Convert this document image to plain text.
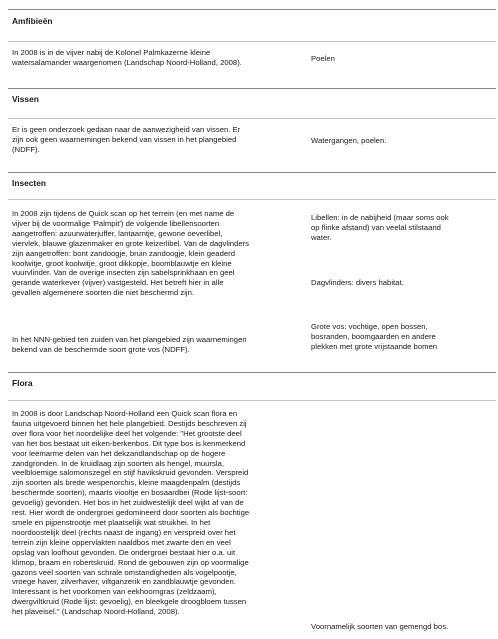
Amfibieën
In 2008 is in de vijver nabij de Kolonel Palmkazerne kleine
watersalamander waargenomen (Landschap Noord-Holland, 2008).	Poelen
Vissen
Er is geen onderzoek gedaan naar de aanwezigheid van vissen. Er
zijn ook geen waarnemingen bekend van vissen in het plangebied
(NDFF).
Watergangen, poelen.
Insecten
In 2008 zijn tijdens de Quick scan op het terrein (en met name de
vijver bij de voormalige 'Palmpit') de volgende libellensoorten
aangetroffen: azuurwaterjuffer, lantaarntje, gewone oeverlibel,
viervlek, blauwe glazenmaker en grote keizerlibel. Van de dagvlinders
zijn aangetroffen: bont zandoogje, bruin zandoogje, klein geaderd
koolwitje, groot koolwitje, groot dikkopje, boomblauwtje en kleine
vuurvlinder. Van de overige insecten zijn sabelsprinkhaan en geel
gerande waterkever (vijver) vastgesteld. Het betreft hier in alle
gevallen algemenere soorten die niet beschermd zijn.
Libellen: in de nabijheid (maar soms ook
op flinke afstand) van veelal stilstaand
water.
Dagvlinders: divers habitat.
In het NNN-gebied ten zuiden van het plangebied zijn waarnemingen
bekend van de beschermde soort grote vos (NDFF).
Grote vos: vochtige, open bossen,
bosranden, boomgaarden en andere
plekken met grote vrijstaande bomen
Flora
In 2008 is door Landschap Noord-Holland een Quick scan flora en
fauna uitgevoerd binnen het hele plangebied. Destijds beschreven zij
over flora voor het noordelijke deel het volgende: "Het grootste deel
van het bos bestaat uit eiken-berkenbos. Dit type bos is kenmerkend
voor leemarme delen van het dekzandlandschap op de hogere
zandgronden. In de kruidlaag zijn soorten als hengel, muursla,
veelbloemige salomonszegel en stijf havikskruid gevonden. Verspreid
zijn soorten als brede wespenorchis, kleine maagdenpalm (destijds
beschermde soorten), maarts viooltje en bosaardbei (Rode lijst-soort:
gevoelig) gevonden. Het bos in het zuidwestelijk deel wijkt af van de
rest. Hier wordt de ondergroei gedomineerd door soorten als bochtige
smele en pijpenstrootje met plaatselijk wat struikhei. In het
noordoostelijk deel (rechts naast de ingang) en verspreid over het
terrein zijn kleine oppervlakten naaldbos met zwarte den en veel
opslag van loofhout gevonden. De ondergroei bestaat hier o.a. uit
klimop, braam en robertskruid. Rond de gebouwen zijn op voormalige
gazons veel soorten van schrale omstandigheden als vogelpootje,
vroege haver, zilverhaver, viltganzerik en zandblauwtje gevonden.
Interessant is het voorkomen van eekhoorngras (zeldzaam),
dwergviltkruid (Rode lijst: gevoelig), en bleekgele droogbloem tussen
het plaveisel." (Landschap Noord-Holland, 2008).
Voornamelijk soorten van gemengd bos.
